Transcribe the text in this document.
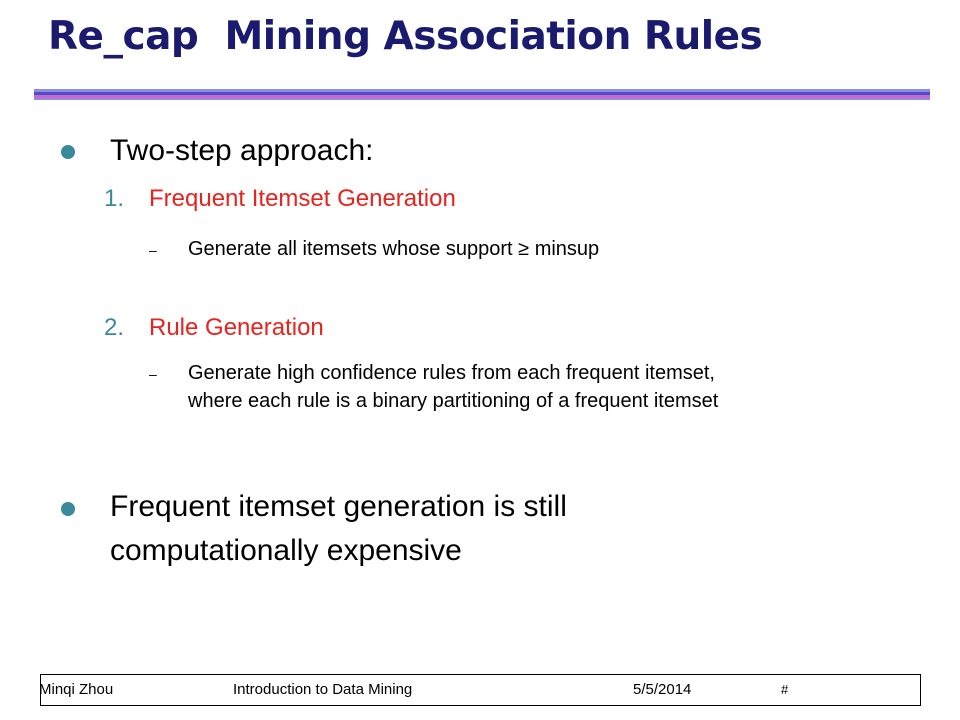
Re_cap  Mining Association Rules
Two-step approach:
1. Frequent Itemset Generation
– Generate all itemsets whose support ≥ minsup
2. Rule Generation
– Generate high confidence rules from each frequent itemset,
where each rule is a binary partitioning of a frequent itemset
Frequent itemset generation is still
computationally expensive
Minqi Zhou	Introduction to Data Mining	5/5/2014	#
